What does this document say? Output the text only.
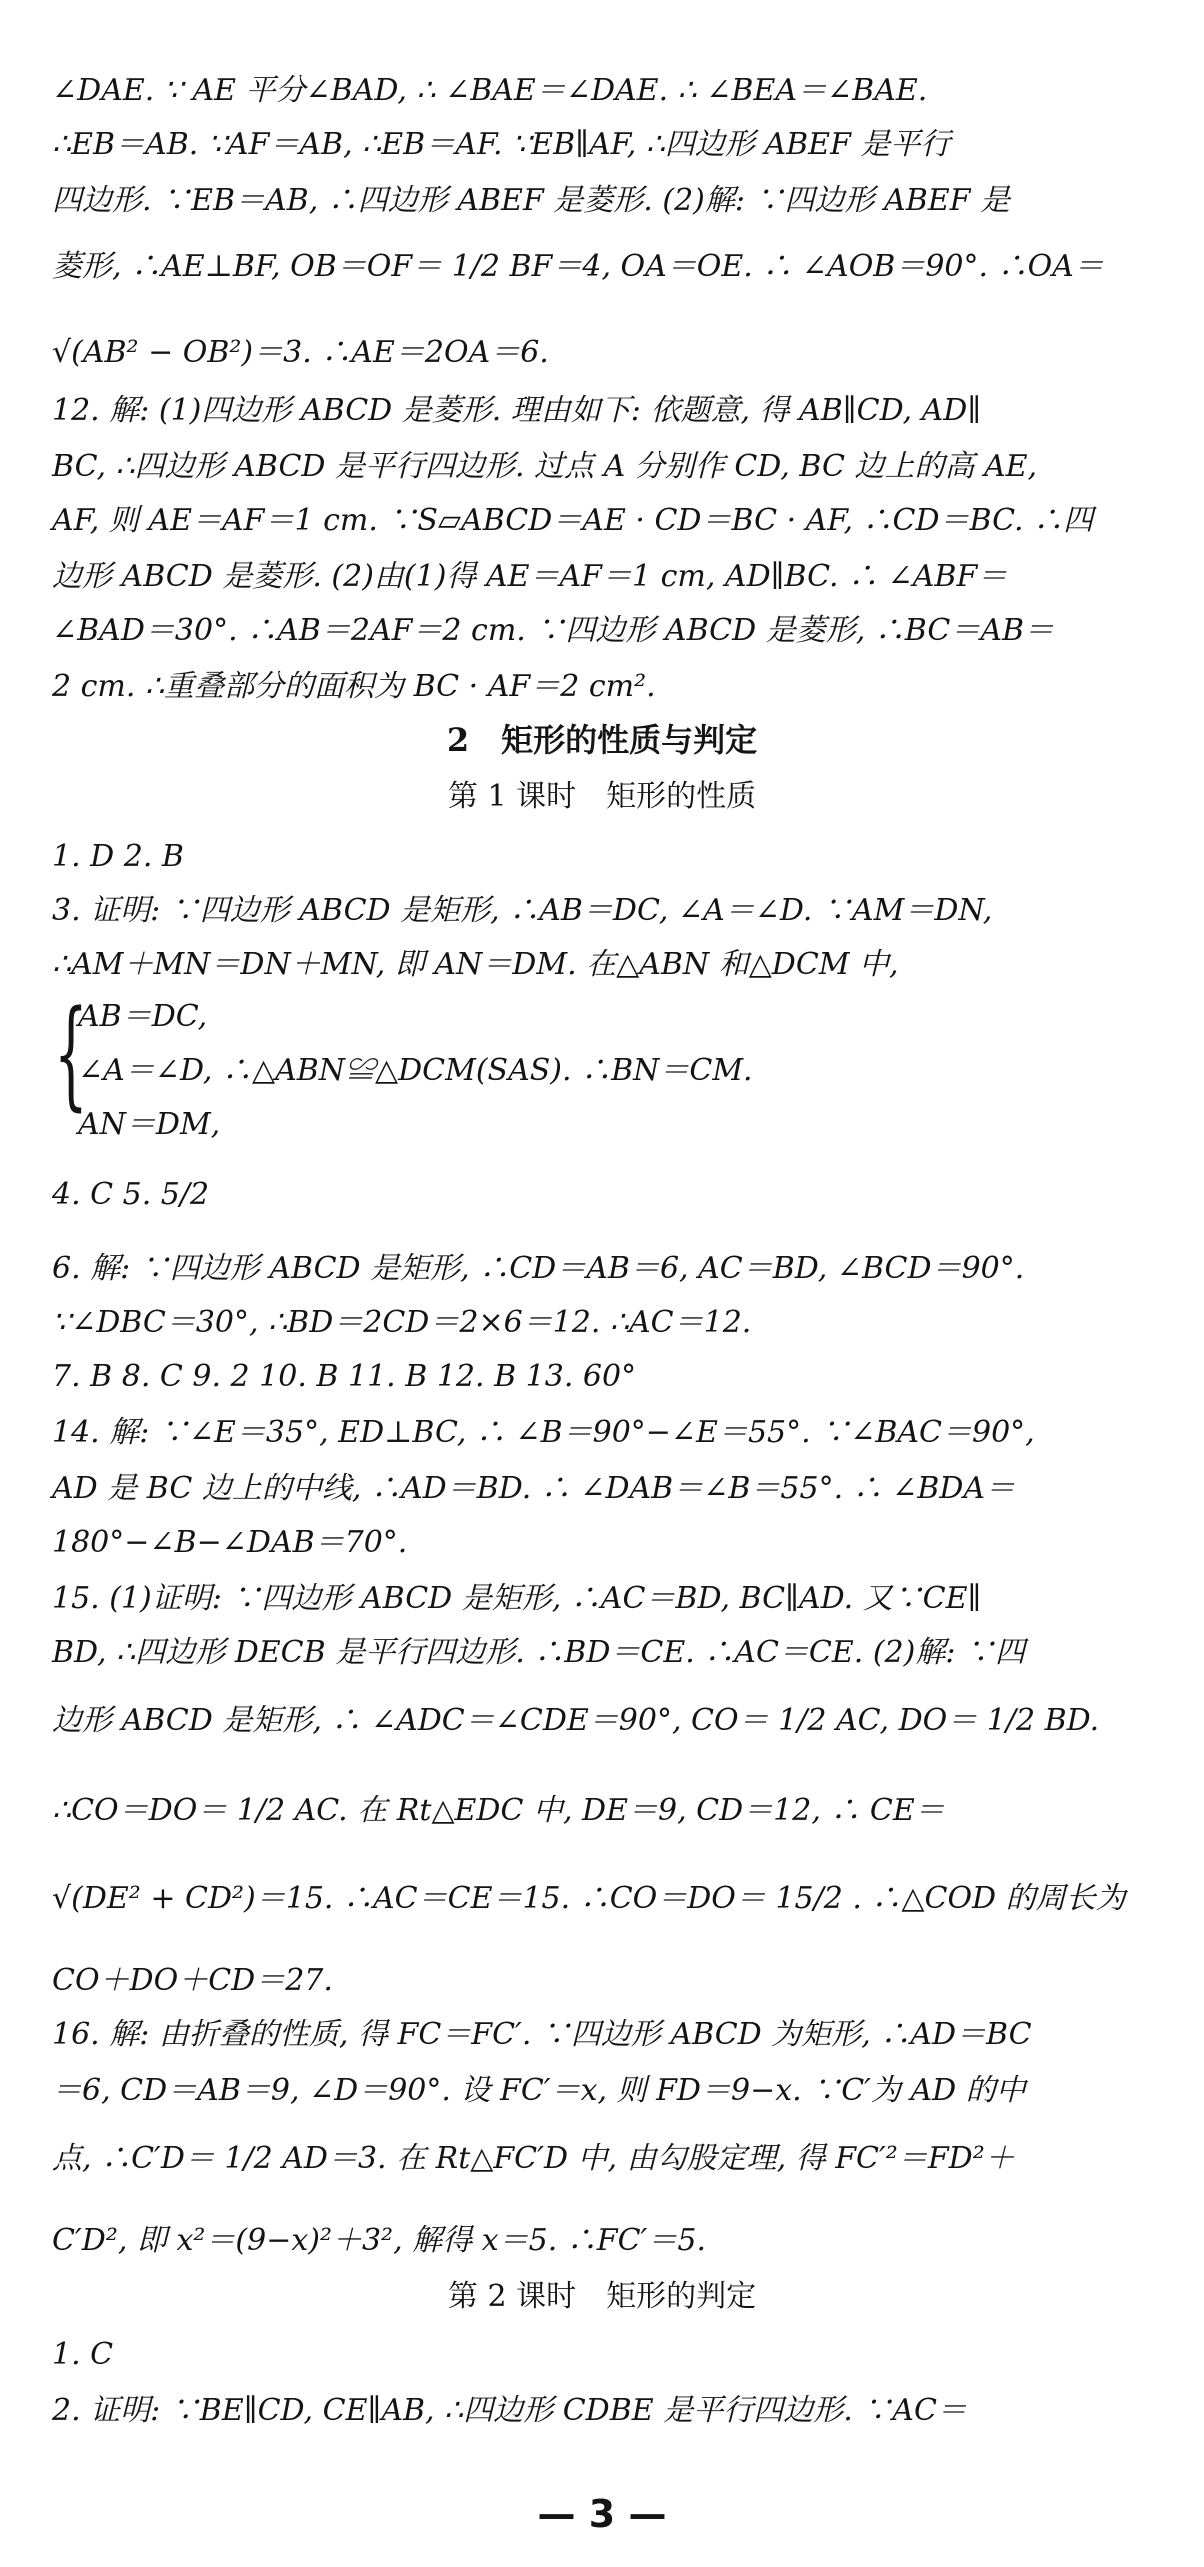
∠DAE. ∵ AE 平分∠BAD, ∴ ∠BAE＝∠DAE. ∴ ∠BEA＝∠BAE.
∴EB＝AB. ∵AF＝AB, ∴EB＝AF. ∵EB∥AF, ∴四边形 ABEF 是平行
四边形. ∵EB＝AB, ∴四边形 ABEF 是菱形. (2)解: ∵四边形 ABEF 是
菱形, ∴AE⊥BF, OB＝OF＝ 1/2 BF＝4, OA＝OE. ∴ ∠AOB＝90°. ∴OA＝
√(AB² − OB²)＝3. ∴AE＝2OA＝6.
12. 解: (1)四边形 ABCD 是菱形. 理由如下: 依题意, 得 AB∥CD, AD∥
BC, ∴四边形 ABCD 是平行四边形. 过点 A 分别作 CD, BC 边上的高 AE,
AF, 则 AE＝AF＝1 cm. ∵S▱ABCD＝AE · CD＝BC · AF, ∴CD＝BC. ∴四
边形 ABCD 是菱形. (2)由(1)得 AE＝AF＝1 cm, AD∥BC. ∴ ∠ABF＝
∠BAD＝30°. ∴AB＝2AF＝2 cm. ∵四边形 ABCD 是菱形, ∴BC＝AB＝
2 cm. ∴重叠部分的面积为 BC · AF＝2 cm².
2　矩形的性质与判定
第 1 课时　矩形的性质
1. D 2. B
3. 证明: ∵四边形 ABCD 是矩形, ∴AB＝DC, ∠A＝∠D. ∵AM＝DN,
∴AM＋MN＝DN＋MN, 即 AN＝DM. 在△ABN 和△DCM 中,
{
AB＝DC,
∠A＝∠D, ∴△ABN≌△DCM(SAS). ∴BN＝CM.
AN＝DM,
4. C 5. 5/2
6. 解: ∵四边形 ABCD 是矩形, ∴CD＝AB＝6, AC＝BD, ∠BCD＝90°.
∵∠DBC＝30°, ∴BD＝2CD＝2×6＝12. ∴AC＝12.
7. B 8. C 9. 2 10. B 11. B 12. B 13. 60°
14. 解: ∵∠E＝35°, ED⊥BC, ∴ ∠B＝90°−∠E＝55°. ∵∠BAC＝90°,
AD 是 BC 边上的中线, ∴AD＝BD. ∴ ∠DAB＝∠B＝55°. ∴ ∠BDA＝
180°−∠B−∠DAB＝70°.
15. (1)证明: ∵四边形 ABCD 是矩形, ∴AC＝BD, BC∥AD. 又∵CE∥
BD, ∴四边形 DECB 是平行四边形. ∴BD＝CE. ∴AC＝CE. (2)解: ∵四
边形 ABCD 是矩形, ∴ ∠ADC＝∠CDE＝90°, CO＝ 1/2 AC, DO＝ 1/2 BD.
∴CO＝DO＝ 1/2 AC. 在 Rt△EDC 中, DE＝9, CD＝12, ∴ CE＝
√(DE² + CD²)＝15. ∴AC＝CE＝15. ∴CO＝DO＝ 15/2 . ∴△COD 的周长为
CO＋DO＋CD＝27.
16. 解: 由折叠的性质, 得 FC＝FC′. ∵四边形 ABCD 为矩形, ∴AD＝BC
＝6, CD＝AB＝9, ∠D＝90°. 设 FC′＝x, 则 FD＝9−x. ∵C′为 AD 的中
点, ∴C′D＝ 1/2 AD＝3. 在 Rt△FC′D 中, 由勾股定理, 得 FC′²＝FD²＋
C′D², 即 x²＝(9−x)²＋3², 解得 x＝5. ∴FC′＝5.
第 2 课时　矩形的判定
1. C
2. 证明: ∵BE∥CD, CE∥AB, ∴四边形 CDBE 是平行四边形. ∵AC＝
— 3 —
